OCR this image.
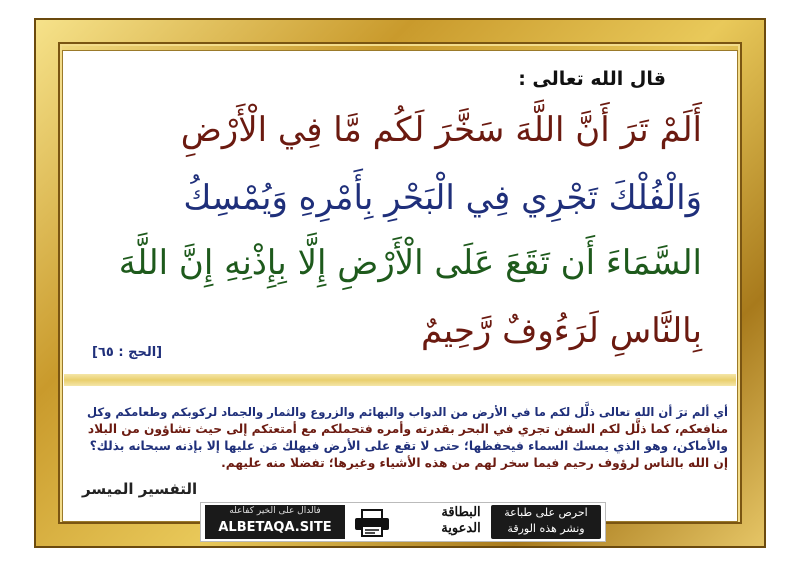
قال الله تعالى :
أَلَمْ تَرَ أَنَّ اللَّهَ سَخَّرَ لَكُم مَّا فِي الْأَرْضِ
وَالْفُلْكَ تَجْرِي فِي الْبَحْرِ بِأَمْرِهِ وَيُمْسِكُ
السَّمَاءَ أَن تَقَعَ عَلَى الْأَرْضِ إِلَّا بِإِذْنِهِ إِنَّ اللَّهَ
بِالنَّاسِ لَرَءُوفٌ رَّحِيمٌ
[الحج : ٦٥]
أي ألم ترَ أن الله تعالى ذلَّل لكم ما في الأرض من الدواب والبهائم والزروع والثمار والجماد لركوبكم وطعامكم وكل
منافعكم، كما ذلَّل لكم السفن تجري في البحر بقدرته وأمره فتحملكم مع أمتعتكم إلى حيث تشاؤون من البلاد
والأماكن، وهو الذي يمسك السماء فيحفظها؛ حتى لا تقع على الأرض فيهلك مَن عليها إلا بإذنه سبحانه بذلك؟
إن الله بالناس لرؤوف رحيم فيما سخر لهم من هذه الأشياء وغيرها؛ تفضلا منه عليهم.
التفسير الميسر
احرص على طباعة
ونشر هذه الورقة
البطاقة
الدعوية
فالدال على الخير كفاعله
ALBETAQA.SITE
